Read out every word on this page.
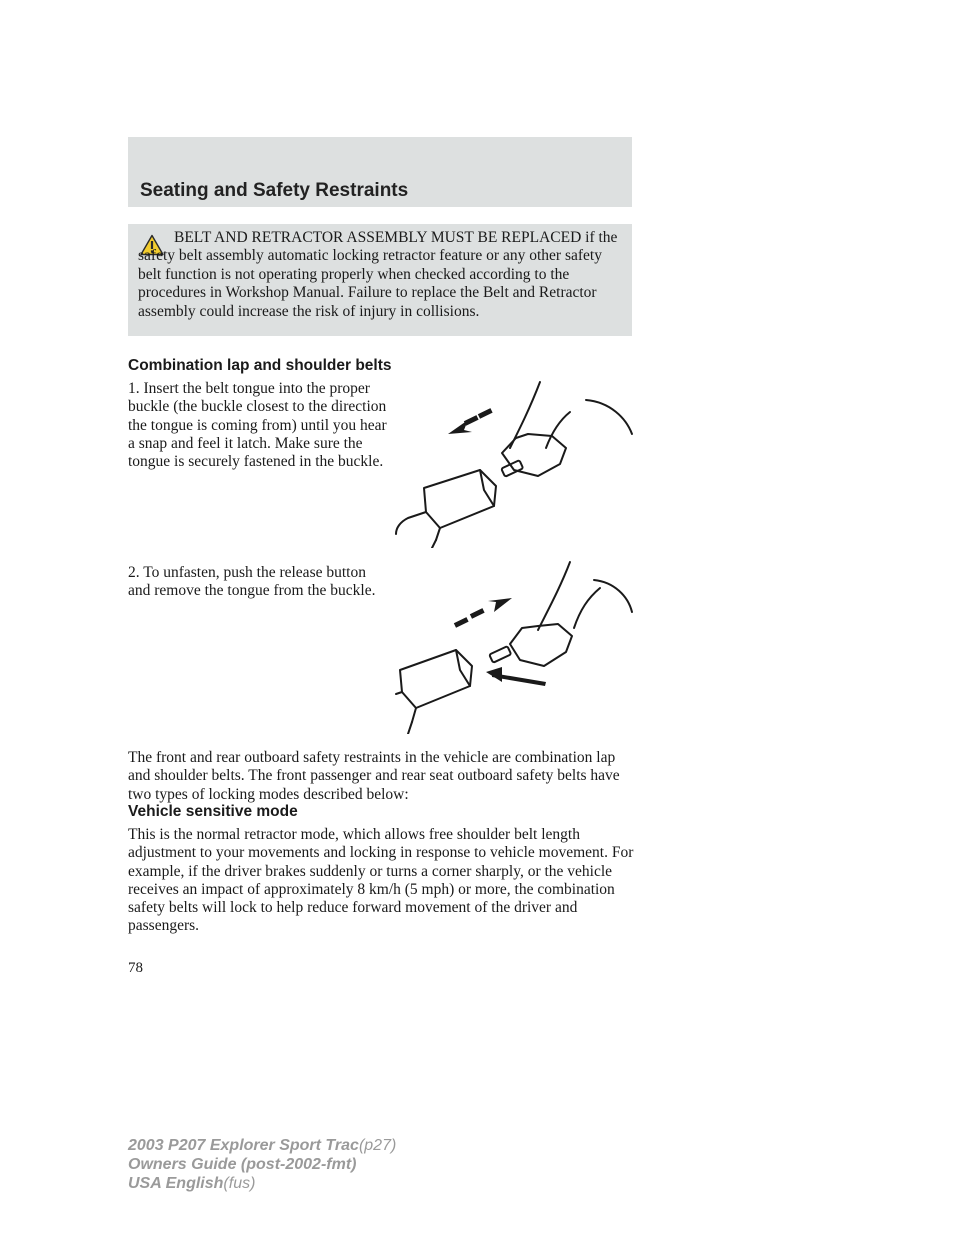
Seating and Safety Restraints
BELT AND RETRACTOR ASSEMBLY MUST BE REPLACED if the safety belt assembly automatic locking retractor feature or any other safety belt function is not operating properly when checked according to the procedures in Workshop Manual. Failure to replace the Belt and Retractor assembly could increase the risk of injury in collisions.
Combination lap and shoulder belts
1. Insert the belt tongue into the proper buckle (the buckle closest to the direction the tongue is coming from) until you hear a snap and feel it latch. Make sure the tongue is securely fastened in the buckle.
2. To unfasten, push the release button and remove the tongue from the buckle.
The front and rear outboard safety restraints in the vehicle are combination lap and shoulder belts. The front passenger and rear seat outboard safety belts have two types of locking modes described below:
Vehicle sensitive mode
This is the normal retractor mode, which allows free shoulder belt length adjustment to your movements and locking in response to vehicle movement. For example, if the driver brakes suddenly or turns a corner sharply, or the vehicle receives an impact of approximately 8 km/h (5 mph) or more, the combination safety belts will lock to help reduce forward movement of the driver and passengers.
78
2003 P207 Explorer Sport Trac(p27)
Owners Guide (post-2002-fmt)
USA English(fus)
